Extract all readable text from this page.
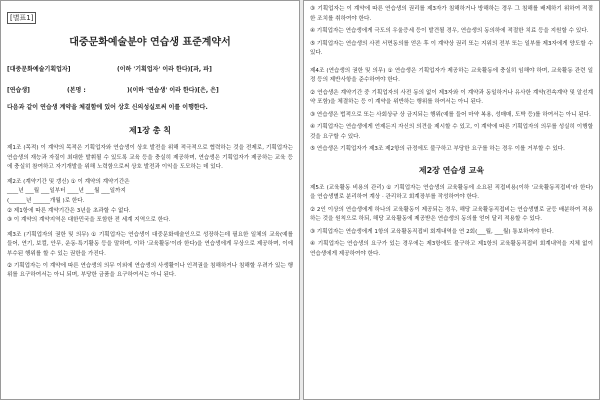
[별표1]
대중문화예술분야 연습생 표준계약서
[대중문화예술기획업자]	(이하 '기획업자' 이라 한다)[과, 파]
[연습생]	(본명 :	)(이하 '연습생' 이라 한다)[은, 은]
다음과 같이 연습생 계약을 체결함에 있어 상호 신의성실로써 이를 이행한다.
제1장 총 칙
제1조 (목적) 이 계약의 목적은 기획업자와 연습생이 상호 발전을 위해 적극적으로 협력하는 것을 전제로, 기획업자는 연습생의 재능과 자질이 최대한 발휘될 수 있도록 교육 등을 충실히 제공하며, 연습생은 기획업자가 제공하는 교육 등에 충실히 참여하고 자기개발을 위해 노력함으로써 상호 발전과 이익을 도모하는 데 있다.
제2조 (계약기간 및 갱신) ① 이 계약의 계약기간은
____년 ___월 ___일부터 ____년 ___월 ___일까지
(______년 ______개월 )로 한다.
② 제1항에 따른 계약기간은 3년을 초과할 수 없다.
③ 이 계약의 계약지역은 대한민국을 포함한 전 세계 지역으로 한다.
제3조 (기획업자의 권한 및 의무) ① 기획업자는 연습생이 대중문화예술인으로 성장하는데 필요한 일체의 교육(예를 들어, 연기, 보컬, 안무, 운동·특기활동 등을 말하며, 이하 '교육활동'이라 한다)을 연습생에게 무상으로 제공하며, 이에 부수된 행위를 할 수 있는 권한을 가진다.
② 기획업자는 이 계약에 따른 연습생의 의무 이외에 연습생의 사생활이나 인격권을 침해하거나 침해할 우려가 있는 행위를 요구하여서는 아니 되며, 부당한 금품을 요구하여서는 아니 된다.
③ 기획업자는 이 계약에 따른 연습생의 권리를 제3자가 침해하거나 방해하는 경우 그 침해를 배제하기 위하여 적절한 조치를 취하여야 한다.
④ 기획업자는 연습생에게 극도의 우울증세 등이 발견될 경우, 연습생의 동의하에 적절한 치료 등을 지원할 수 있다.
⑤ 기획업자는 연습생의 사전 서면동의를 얻은 후 이 계약상 권리 또는 지위의 전부 또는 일부를 제3자에게 양도할 수 있다.
제4조 (연습생의 권한 및 의무) ① 연습생은 기획업자가 제공하는 교육활동에 충실히 임해야 하며, 교육활동 관련 일정 등의 제반사항을 준수하여야 한다.
② 연습생은 계약기간 중 기획업자의 사전 동의 없이 제3자와 이 계약과 동일하거나 유사한 계약(전속계약 및 알선계약 포함)을 체결하는 등 이 계약을 위반하는 행위를 하여서는 아니 된다.
③ 연습생은 법적으로 또는 사회상규 상 금지되는 행위(예를 들어 마약 복용, 성매매, 도박 등)를 하여서는 아니 된다.
④ 기획업자는 연습생에게 언제든지 자신의 의견을 제시할 수 있고, 이 계약에 따른 기획업자의 의무를 성실히 이행할 것을 요구할 수 있다.
⑤ 연습생은 기획업자가 제3조 제2항의 규정에도 불구하고 부당한 요구를 하는 경우 이를 거부할 수 있다.
제2장 연습생 교육
제5조 (교육활동 비용의 관리) ① 기획업자는 연습생의 교육활동에 소요된 직접비용(이하 '교육활동직접비'라 한다)을 연습생별로 분리하여 계상 · 관리하고 회계장부를 작성하여야 한다.
② 2인 이상의 연습생에게 하나의 교육활동이 제공되는 경우, 해당 교육활동직접비는 연습생별로 균등 배분하여 적용하는 것을 원칙으로 하되, 해당 교육활동에 제공받은 연습생의 동의를 얻어 달리 적용할 수 있다.
③ 기획업자는 연습생에게 1항의 교육활동직접비 회계내역을 연 2회(___월, ___월) 통보하여야 한다.
④ 기획업자는 연습생의 요구가 있는 경우에는 제3항에도 불구하고 제1항의 교육활동직접비 회계내역을 지체 없이 연습생에게 제공하여야 한다.
